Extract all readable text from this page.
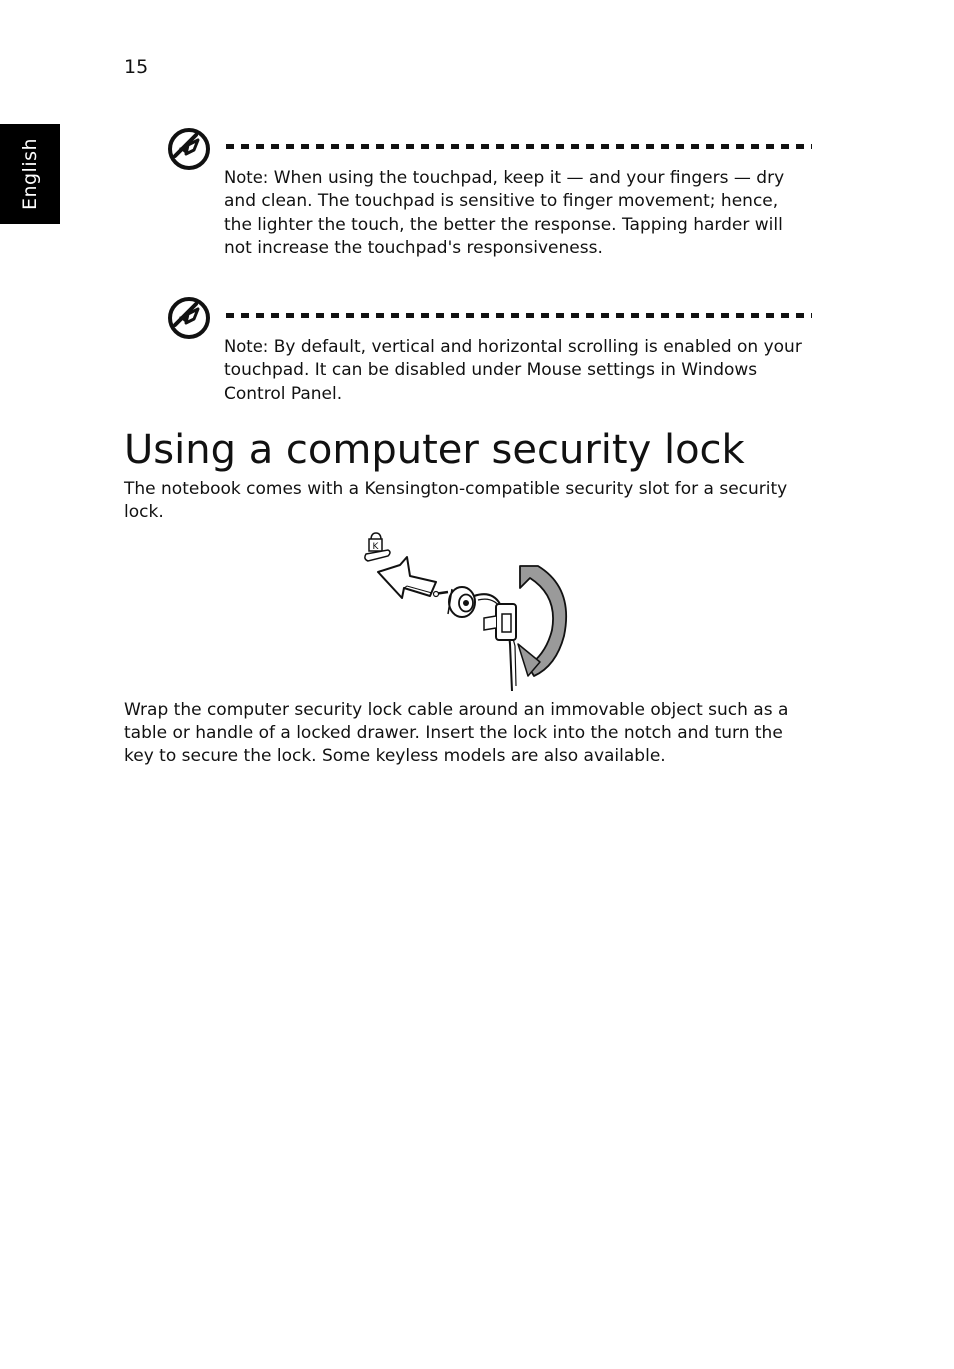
15
English	Note: When using the touchpad, keep it — and your fingers — dry and clean. The touchpad is sensitive to finger movement; hence, the lighter the touch, the better the response. Tapping harder will not increase the touchpad's responsiveness.
Note: By default, vertical and horizontal scrolling is enabled on your touchpad. It can be disabled under Mouse settings in Windows Control Panel.
Using a computer security lock

The notebook comes with a Kensington-compatible security slot for a security lock.

K

Wrap the computer security lock cable around an immovable object such as a table or handle of a locked drawer. Insert the lock into the notch and turn the key to secure the lock. Some keyless models are also available.
